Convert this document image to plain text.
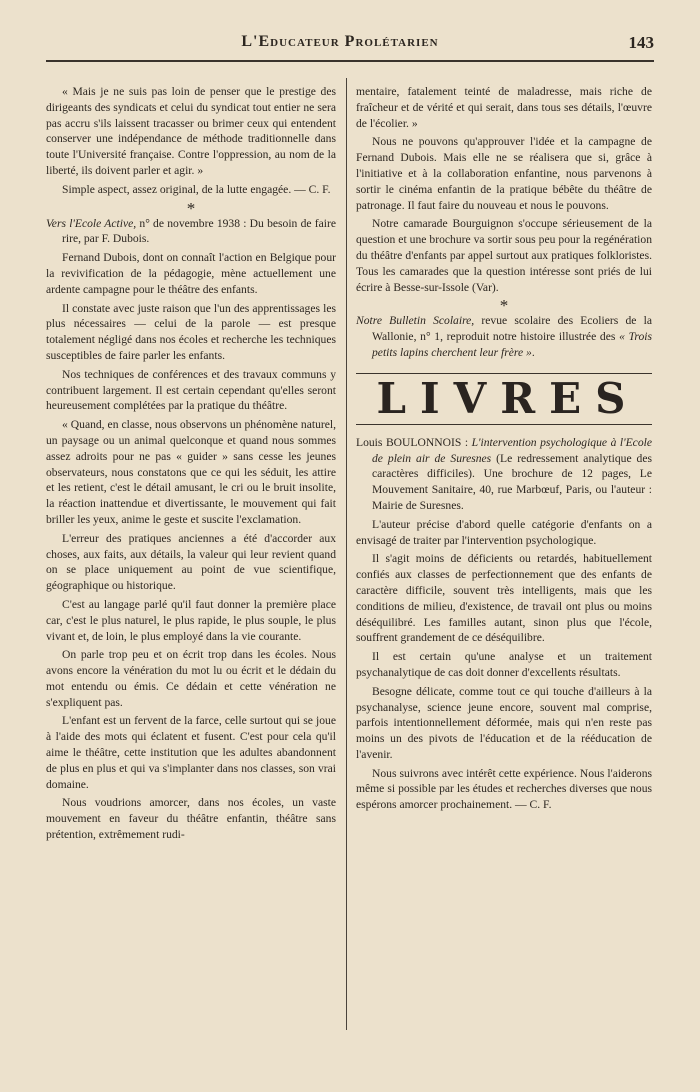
L'Educateur Prolétarien	143

« Mais je ne suis pas loin de penser que le prestige des dirigeants des syndicats et celui du syndicat tout entier ne sera pas accru s'ils laissent tracasser ou brimer ceux qui entendent conserver une indépendance de méthode traditionnelle dans toute l'Université française. Contre l'oppression, au nom de la liberté, ils doivent parler et agir. »

Simple aspect, assez original, de la lutte engagée. — C. F.

*

Vers l'Ecole Active, n° de novembre 1938 : Du besoin de faire rire, par F. Dubois.

Fernand Dubois, dont on connaît l'action en Belgique pour la revivification de la pédagogie, mène actuellement une ardente campagne pour le théâtre des enfants.

Il constate avec juste raison que l'un des apprentissages les plus nécessaires — celui de la parole — est presque totalement négligé dans nos écoles et recherche les techniques susceptibles de faire parler les enfants.

Nos techniques de conférences et des travaux communs y contribuent largement. Il est certain cependant qu'elles seront heureusement complétées par la pratique du théâtre.

« Quand, en classe, nous observons un phénomène naturel, un paysage ou un animal quelconque et quand nous sommes assez adroits pour ne pas « guider » sans cesse les jeunes observateurs, nous constatons que ce qui les séduit, les attire et les retient, c'est le détail amusant, le cri ou le bruit insolite, la réaction inattendue et divertissante, le mouvement qui fait briller les yeux, anime le geste et suscite l'exclamation.

L'erreur des pratiques anciennes a été d'accorder aux choses, aux faits, aux détails, la valeur qui leur revient quand on se place uniquement au point de vue scientifique, géographique ou historique.

C'est au langage parlé qu'il faut donner la première place car, c'est le plus naturel, le plus rapide, le plus souple, le plus vivant et, de loin, le plus employé dans la vie courante.

On parle trop peu et on écrit trop dans les écoles. Nous avons encore la vénération du mot lu ou écrit et le dédain du mot entendu ou émis. Ce dédain et cette vénération ne s'expliquent pas.

L'enfant est un fervent de la farce, celle surtout qui se joue à l'aide des mots qui éclatent et fusent. C'est pour cela qu'il aime le théâtre, cette institution que les adultes abandonnent de plus en plus et qui va s'implanter dans nos classes, son vrai domaine.

Nous voudrions amorcer, dans nos écoles, un vaste mouvement en faveur du théâtre enfantin, théâtre sans prétention, extrêmement rudi-

mentaire, fatalement teinté de maladresse, mais riche de fraîcheur et de vérité et qui serait, dans tous ses détails, l'œuvre de l'écolier. »

Nous ne pouvons qu'approuver l'idée et la campagne de Fernand Dubois. Mais elle ne se réalisera que si, grâce à l'initiative et à la collaboration enfantine, nous parvenons à sortir le cinéma enfantin de la pratique bébête du théâtre de patronage. Il faut faire du nouveau et nous le pouvons.

Notre camarade Bourguignon s'occupe sérieusement de la question et une brochure va sortir sous peu pour la regénération du théâtre d'enfants par appel surtout aux pratiques folkloristes. Tous les camarades que la question intéresse sont priés de lui écrire à Besse-sur-Issole (Var).

*

Notre Bulletin Scolaire, revue scolaire des Ecoliers de la Wallonie, n° 1, reproduit notre histoire illustrée des « Trois petits lapins cherchent leur frère ».

LIVRES

Louis BOULONNOIS : L'intervention psychologique à l'Ecole de plein air de Suresnes (Le redressement analytique des caractères difficiles). Une brochure de 12 pages, Le Mouvement Sanitaire, 40, rue Marbœuf, Paris, ou l'auteur : Mairie de Suresnes.

L'auteur précise d'abord quelle catégorie d'enfants on a envisagé de traiter par l'intervention psychologique.

Il s'agit moins de déficients ou retardés, habituellement confiés aux classes de perfectionnement que des enfants de caractère difficile, souvent très intelligents, mais que les conditions de milieu, d'existence, de travail ont plus ou moins déséquilibré. Les familles autant, sinon plus que l'école, souffrent grandement de ce déséquilibre.

Il est certain qu'une analyse et un traitement psychanalytique de cas doit donner d'excellents résultats.

Besogne délicate, comme tout ce qui touche d'ailleurs à la psychanalyse, science jeune encore, souvent mal comprise, parfois intentionnellement déformée, mais qui n'en reste pas moins un des pivots de l'éducation et de la rééducation de l'avenir.

Nous suivrons avec intérêt cette expérience. Nous l'aiderons même si possible par les études et recherches diverses que nous espérons amorcer prochainement. — C. F.
